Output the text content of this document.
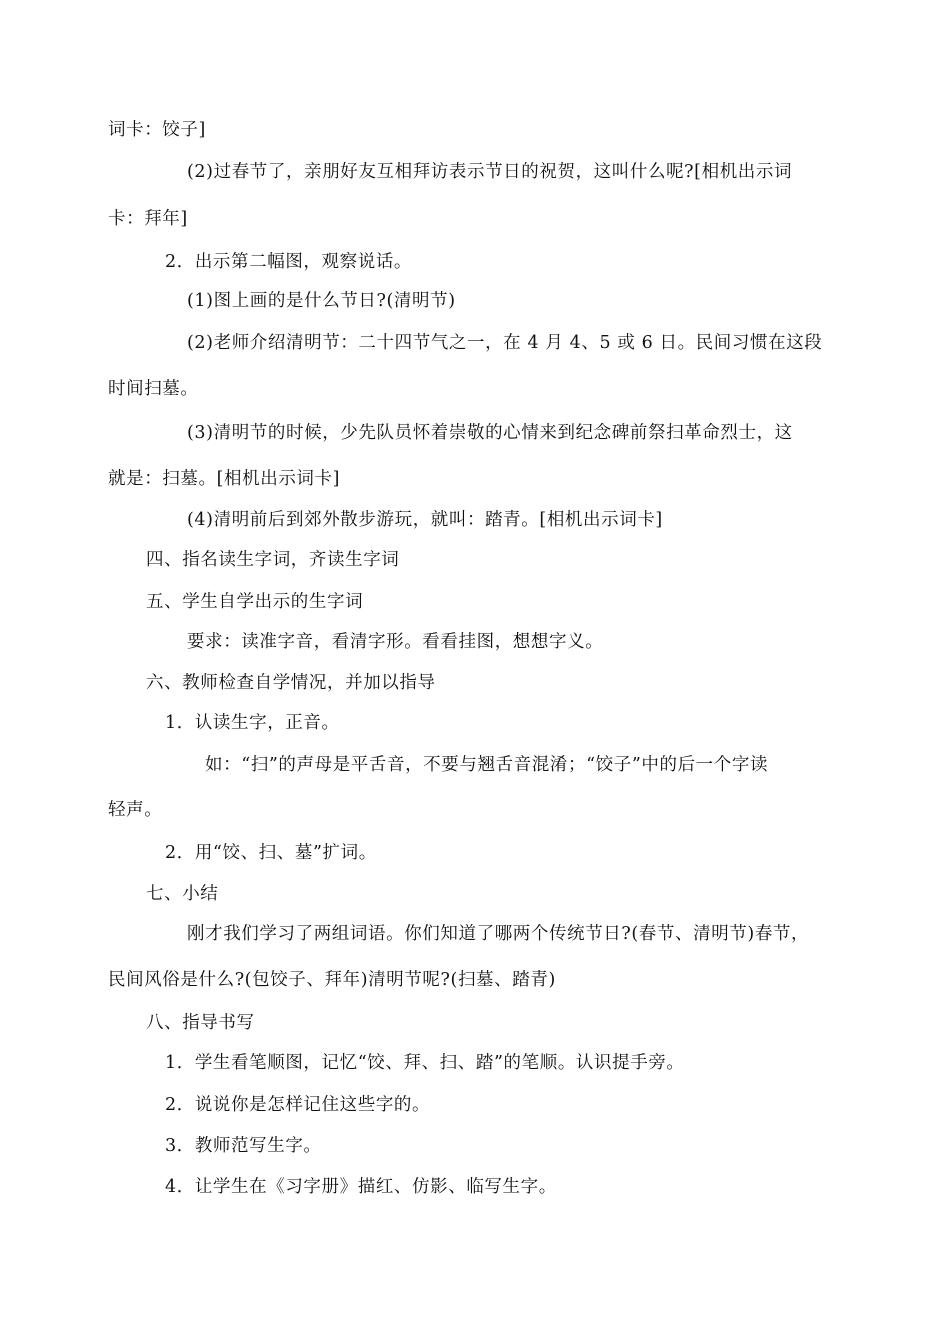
词卡：饺子]
(2)过春节了，亲朋好友互相拜访表示节日的祝贺，这叫什么呢?[相机出示词
卡：拜年]
2．出示第二幅图，观察说话。
(1)图上画的是什么节日?(清明节)
(2)老师介绍清明节：二十四节气之一，在 4 月 4、5 或 6 日。民间习惯在这段
时间扫墓。
(3)清明节的时候，少先队员怀着崇敬的心情来到纪念碑前祭扫革命烈士，这
就是：扫墓。[相机出示词卡]
(4)清明前后到郊外散步游玩，就叫：踏青。[相机出示词卡]
四、指名读生字词，齐读生字词
五、学生自学出示的生字词
要求：读准字音，看清字形。看看挂图，想想字义。
六、教师检查自学情况，并加以指导
1．认读生字，正音。
如：“扫”的声母是平舌音，不要与翘舌音混淆；“饺子”中的后一个字读
轻声。
2．用“饺、扫、墓”扩词。
七、小结
刚才我们学习了两组词语。你们知道了哪两个传统节日?(春节、清明节)春节，
民间风俗是什么?(包饺子、拜年)清明节呢?(扫墓、踏青)
八、指导书写
1．学生看笔顺图，记忆“饺、拜、扫、踏”的笔顺。认识提手旁。
2．说说你是怎样记住这些字的。
3．教师范写生字。
4．让学生在《习字册》描红、仿影、临写生字。
